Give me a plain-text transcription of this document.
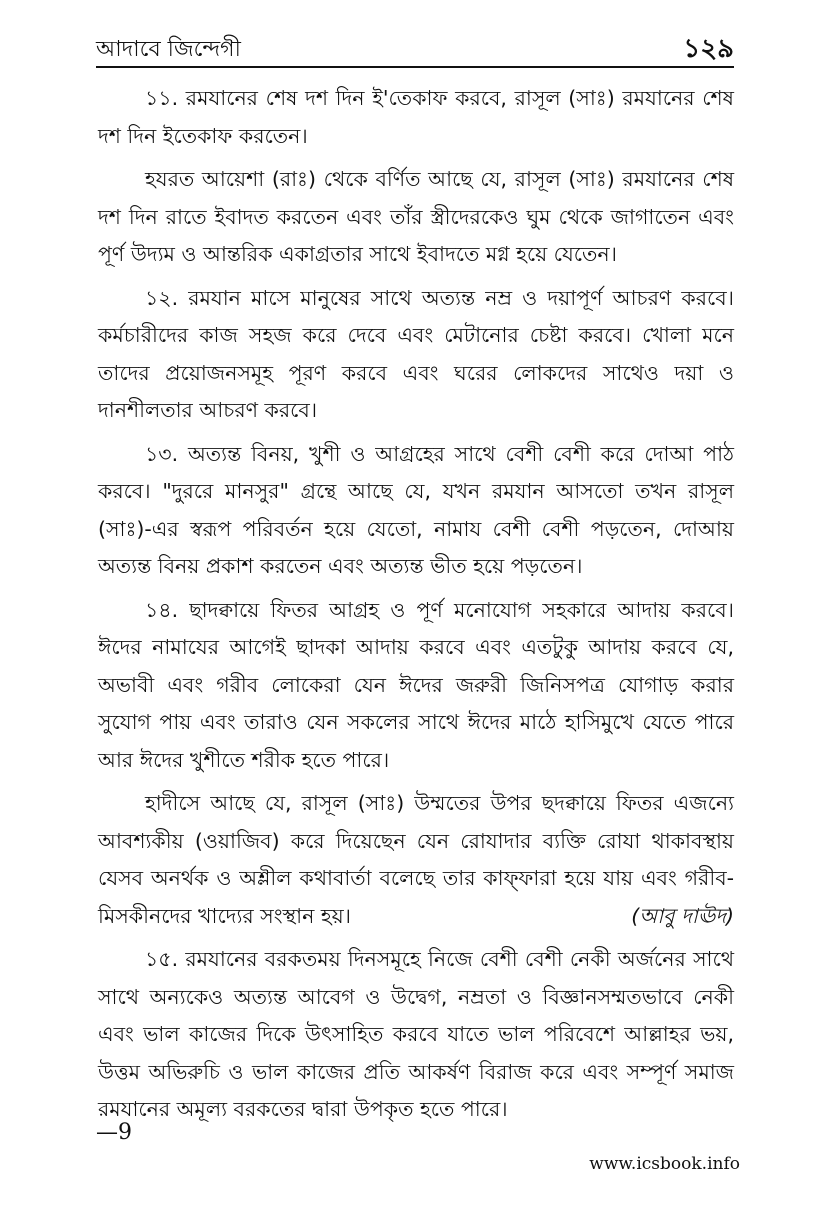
আদাবে জিন্দেগী	১২৯

১১. রমযানের শেষ দশ দিন ই'তেকাফ করবে, রাসূল (সাঃ) রমযানের শেষ দশ দিন ইতেকাফ করতেন।

হযরত আয়েশা (রাঃ) থেকে বর্ণিত আছে যে, রাসূল (সাঃ) রমযানের শেষ দশ দিন রাতে ইবাদত করতেন এবং তাঁর স্ত্রীদেরকেও ঘুম থেকে জাগাতেন এবং পূর্ণ উদ্যম ও আন্তরিক একাগ্রতার সাথে ইবাদতে মগ্ন হয়ে যেতেন।

১২. রমযান মাসে মানুষের সাথে অত্যন্ত নম্র ও দয়াপূর্ণ আচরণ করবে। কর্মচারীদের কাজ সহজ করে দেবে এবং মেটানোর চেষ্টা করবে। খোলা মনে তাদের প্রয়োজনসমূহ পূরণ করবে এবং ঘরের লোকদের সাথেও দয়া ও দানশীলতার আচরণ করবে।

১৩. অত্যন্ত বিনয়, খুশী ও আগ্রহের সাথে বেশী বেশী করে দোআ পাঠ করবে। "দুররে মানসুর" গ্রন্থে আছে যে, যখন রমযান আসতো তখন রাসূল (সাঃ)-এর স্বরূপ পরিবর্তন হয়ে যেতো, নামায বেশী বেশী পড়তেন, দোআয় অত্যন্ত বিনয় প্রকাশ করতেন এবং অত্যন্ত ভীত হয়ে পড়তেন।

১৪. ছাদক্বায়ে ফিতর আগ্রহ ও পূর্ণ মনোযোগ সহকারে আদায় করবে। ঈদের নামাযের আগেই ছাদকা আদায় করবে এবং এতটুকু আদায় করবে যে, অভাবী এবং গরীব লোকেরা যেন ঈদের জরুরী জিনিসপত্র যোগাড় করার সুযোগ পায় এবং তারাও যেন সকলের সাথে ঈদের মাঠে হাসিমুখে যেতে পারে আর ঈদের খুশীতে শরীক হতে পারে।

হাদীসে আছে যে, রাসূল (সাঃ) উম্মতের উপর ছদক্বায়ে ফিতর এজন্যে আবশ্যকীয় (ওয়াজিব) করে দিয়েছেন যেন রোযাদার ব্যক্তি রোযা থাকাবস্থায় যেসব অনর্থক ও অশ্লীল কথাবার্তা বলেছে তার কাফ্‌ফারা হয়ে যায় এবং গরীব-মিসকীনদের খাদ্যের সংস্থান হয়।	(আবু দাঊদ)

১৫. রমযানের বরকতময় দিনসমূহে নিজে বেশী বেশী নেকী অর্জনের সাথে সাথে অন্যকেও অত্যন্ত আবেগ ও উদ্বেগ, নম্রতা ও বিজ্ঞানসম্মতভাবে নেকী এবং ভাল কাজের দিকে উৎসাহিত করবে যাতে ভাল পরিবেশে আল্লাহর ভয়, উত্তম অভিরুচি ও ভাল কাজের প্রতি আকর্ষণ বিরাজ করে এবং সম্পূর্ণ সমাজ রমযানের অমূল্য বরকতের দ্বারা উপকৃত হতে পারে।

—9
www.icsbook.info
